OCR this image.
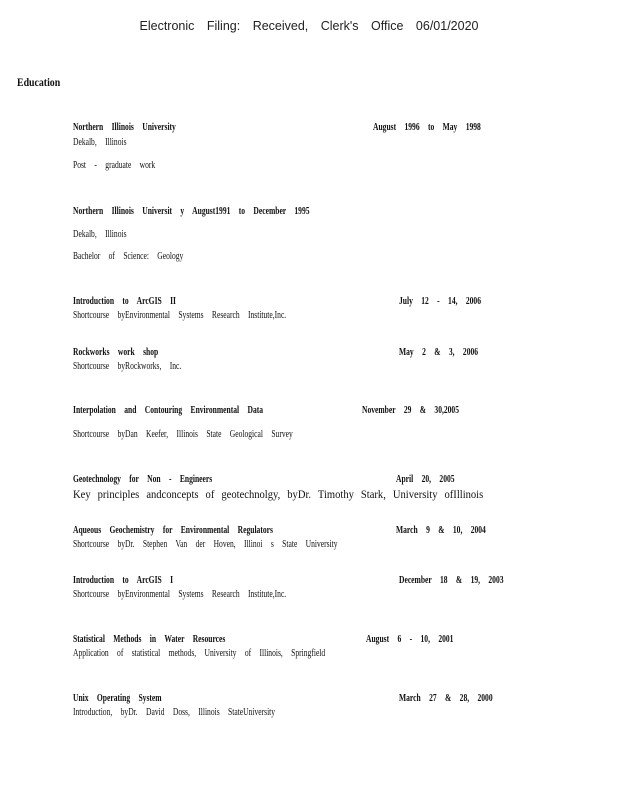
Electronic Filing: Received, Clerk's Office 06/01/2020
Education
Northern Illinois University	August 1996 to May 1998
Dekalb, Illinois
Post - graduate work
Northern Illinois Universit y August1991 to December 1995
Dekalb, Illinois
Bachelor of Science: Geology
Introduction to ArcGIS II	July 12 - 14, 2006
Shortcourse byEnvironmental Systems Research Institute,Inc.
Rockworks work shop	May 2 & 3, 2006
Shortcourse byRockworks, Inc.
Interpolation and Contouring Environmental Data	November 29 & 30,2005
Shortcourse byDan Keefer, Illinois State Geological Survey
Geotechnology for Non - Engineers	April 20, 2005
Key principles andconcepts of geotechnolgy, byDr. Timothy Stark, University ofIllinois
Aqueous Geochemistry for Environmental Regulators	March 9 & 10, 2004
Shortcourse byDr. Stephen Van der Hoven, Illinoi s State University
Introduction to ArcGIS I	December 18 & 19, 2003
Shortcourse byEnvironmental Systems Research Institute,Inc.
Statistical Methods in Water Resources	August 6 - 10, 2001
Application of statistical methods, University of Illinois, Springfield
Unix Operating System	March 27 & 28, 2000
Introduction, byDr. David Doss, Illinois StateUniversity
